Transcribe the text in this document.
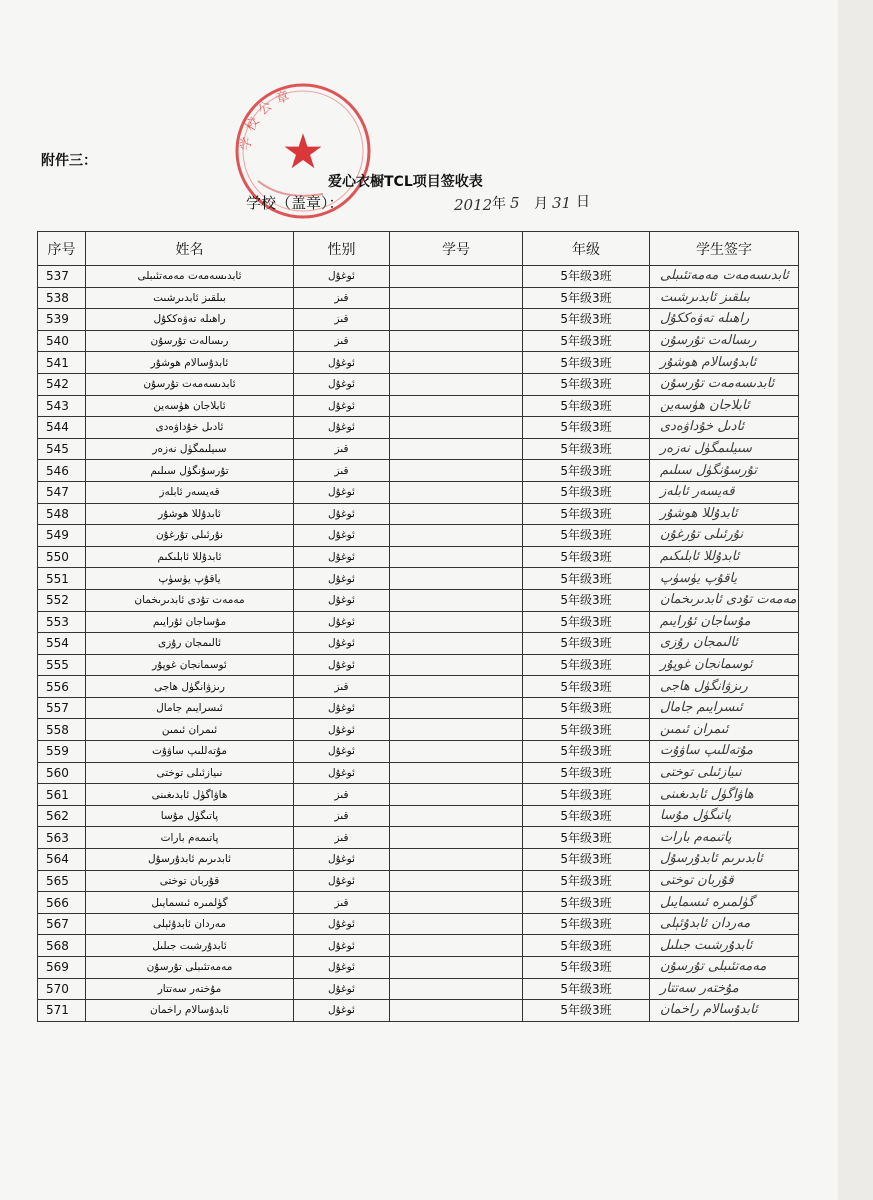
附件三：
学校公章
★
爱心衣橱TCL项目签收表
学校（盖章）：	2012 年 5 月 31 日
序号	姓名	性别	学号	年级	学生签字
537	ئابدىسەمەت مەمەتئىبلى	ئوغۇل		5年级3班	ئابدىسەمەت مەمەتئىبلى
538	بىلقىز ئابدىرشىت	قىز		5年级3班	بىلقىز ئابدىرشىت
539	راھىلە تەۋەككۇل	قىز		5年级3班	راھىلە تەۋەككۇل
540	رىسالەت تۇرسۇن	قىز		5年级3班	رىسالەت تۇرسۇن
541	ئابدۇسالام ھوشۇر	ئوغۇل		5年级3班	ئابدۇسالام ھوشۇر
542	ئابدىسەمەت تۇرسۇن	ئوغۇل		5年级3班	ئابدىسەمەت تۇرسۇن
543	ئابلاجان ھۈسەين	ئوغۇل		5年级3班	ئابلاجان ھۈسەين
544	ئادىل خۇداۋەدى	ئوغۇل		5年级3班	ئادىل خۇداۋەدى
545	سىيلىمگۈل نەزەر	قىز		5年级3班	سىيلىمگۈل نەزەر
546	تۇرسۇنگۈل سىلىم	قىز		5年级3班	تۇرسۇنگۈل سىلىم
547	قەيسەر ئابلەز	ئوغۇل		5年级3班	قەيسەر ئابلەز
548	ئابدۇللا ھوشۇر	ئوغۇل		5年级3班	ئابدۇللا ھوشۇر
549	نۇرئىلى تۇرغۇن	ئوغۇل		5年级3班	نۇرئىلى تۇرغۇن
550	ئابدۇللا ئابلىكىم	ئوغۇل		5年级3班	ئابدۇللا ئابلىكىم
551	ياقۇپ يۈسۈپ	ئوغۇل		5年级3班	ياقۇپ يۈسۈپ
552	مەمەت تۇدى ئابدىرىخمان	ئوغۇل		5年级3班	مەمەت تۇدى ئابدىرىخمان
553	مۇساجان ئۇرايىم	ئوغۇل		5年级3班	مۇساجان ئۇرايىم
554	ئالىمجان رۇزى	ئوغۇل		5年级3班	ئالىمجان رۇزى
555	ئوسمانجان غوپۇر	ئوغۇل		5年级3班	ئوسمانجان غوپۇر
556	رىزۋانگۈل ھاجى	قىز		5年级3班	رىزۋانگۈل ھاجى
557	ئىسرايىم جامال	ئوغۇل		5年级3班	ئىسرايىم جامال
558	ئىمران ئىمىن	ئوغۇل		5年级3班	ئىمران ئىمىن
559	مۇتەللىپ ساۋۇت	ئوغۇل		5年级3班	مۇتەللىپ ساۋۇت
560	نىيازئىلى توختى	ئوغۇل		5年级3班	نىيازئىلى توختى
561	ھاۋاگۈل ئابدىغىنى	قىز		5年级3班	ھاۋاگۈل ئابدىغىنى
562	پاتىگۈل مۇسا	قىز		5年级3班	پاتىگۈل مۇسا
563	پاتىمەم بارات	قىز		5年级3班	پاتىمەم بارات
564	ئابدىرىم ئابدۇرسۇل	ئوغۇل		5年级3班	ئابدىرىم ئابدۇرسۇل
565	قۇربان توختى	ئوغۇل		5年级3班	قۇربان توختى
566	گۈلمىرە ئىسمايىل	قىز		5年级3班	گۈلمىرە ئىسمايىل
567	مەردان ئابدۇئېلى	ئوغۇل		5年级3班	مەردان ئابدۇئېلى
568	ئابدۇرشىت جىلىل	ئوغۇل		5年级3班	ئابدۇرشىت جىلىل
569	مەمەتئىبلى تۇرسۇن	ئوغۇل		5年级3班	مەمەتئىبلى تۇرسۇن
570	مۇختەر سەتتار	ئوغۇل		5年级3班	مۇختەر سەتتار
571	ئابدۇسالام راخمان	ئوغۇل		5年级3班	ئابدۇسالام راخمان
